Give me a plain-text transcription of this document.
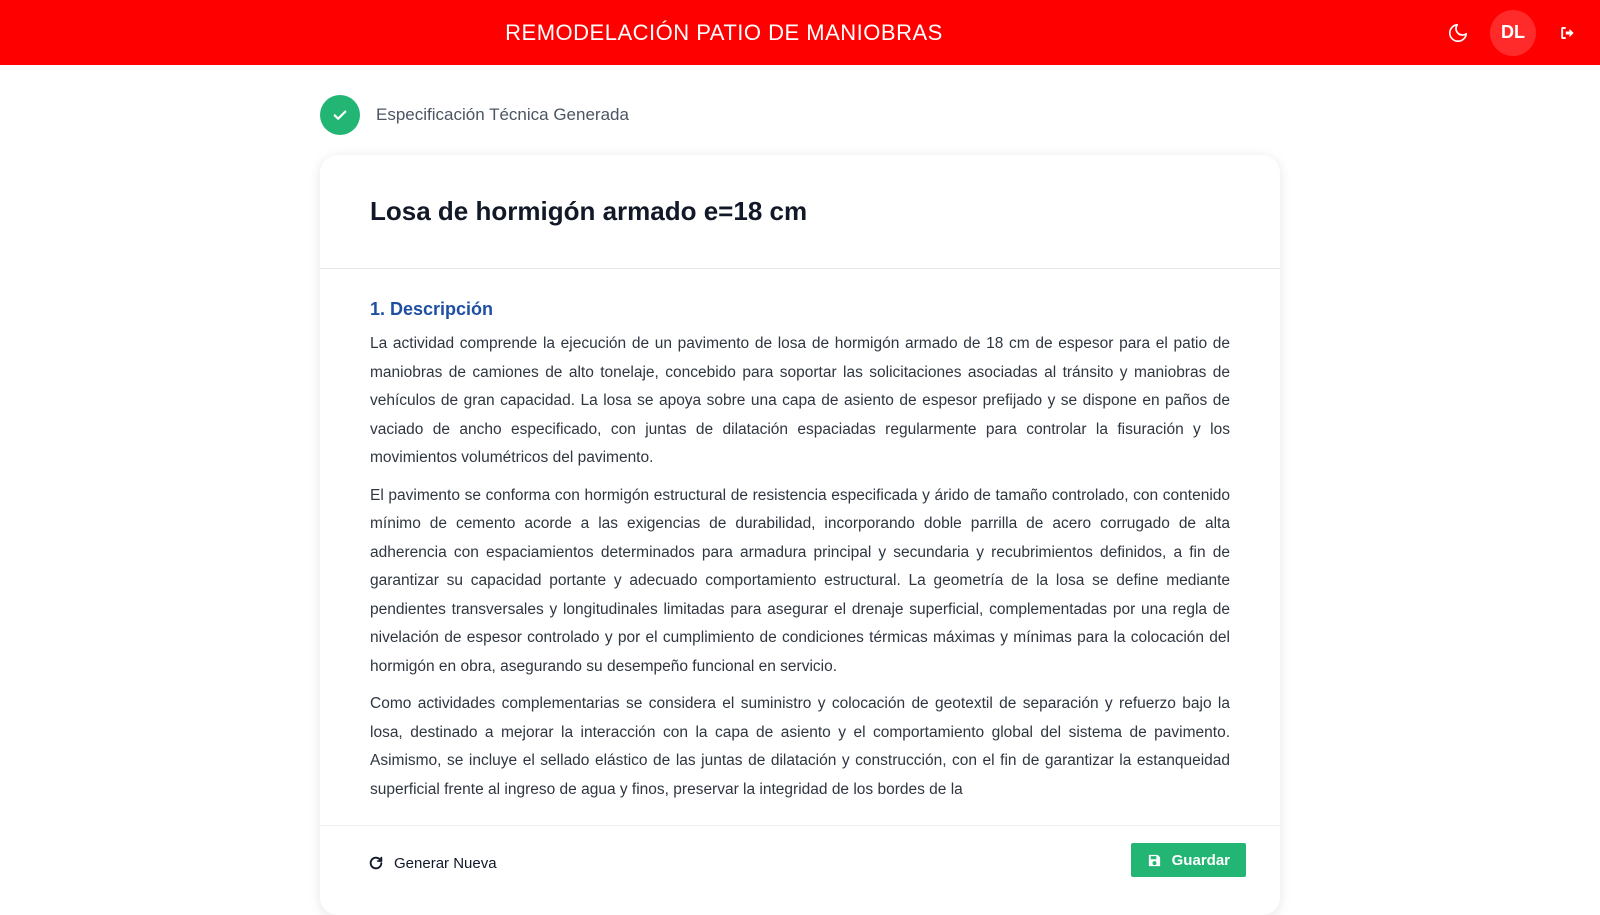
REMODELACIÓN PATIO DE MANIOBRAS	DL
Especificación Técnica Generada
Losa de hormigón armado e=18 cm
1. Descripción

La actividad comprende la ejecución de un pavimento de losa de hormigón armado de 18 cm de espesor para el patio de maniobras de camiones de alto tonelaje, concebido para soportar las solicitaciones asociadas al tránsito y maniobras de vehículos de gran capacidad. La losa se apoya sobre una capa de asiento de espesor prefijado y se dispone en paños de vaciado de ancho especificado, con juntas de dilatación espaciadas regularmente para controlar la fisuración y los movimientos volumétricos del pavimento.

El pavimento se conforma con hormigón estructural de resistencia especificada y árido de tamaño controlado, con contenido mínimo de cemento acorde a las exigencias de durabilidad, incorporando doble parrilla de acero corrugado de alta adherencia con espaciamientos determinados para armadura principal y secundaria y recubrimientos definidos, a fin de garantizar su capacidad portante y adecuado comportamiento estructural. La geometría de la losa se define mediante pendientes transversales y longitudinales limitadas para asegurar el drenaje superficial, complementadas por una regla de nivelación de espesor controlado y por el cumplimiento de condiciones térmicas máximas y mínimas para la colocación del hormigón en obra, asegurando su desempeño funcional en servicio.

Como actividades complementarias se considera el suministro y colocación de geotextil de separación y refuerzo bajo la losa, destinado a mejorar la interacción con la capa de asiento y el comportamiento global del sistema de pavimento. Asimismo, se incluye el sellado elástico de las juntas de dilatación y construcción, con el fin de garantizar la estanqueidad superficial frente al ingreso de agua y finos, preservar la integridad de los bordes de la

Generar Nueva	Guardar
